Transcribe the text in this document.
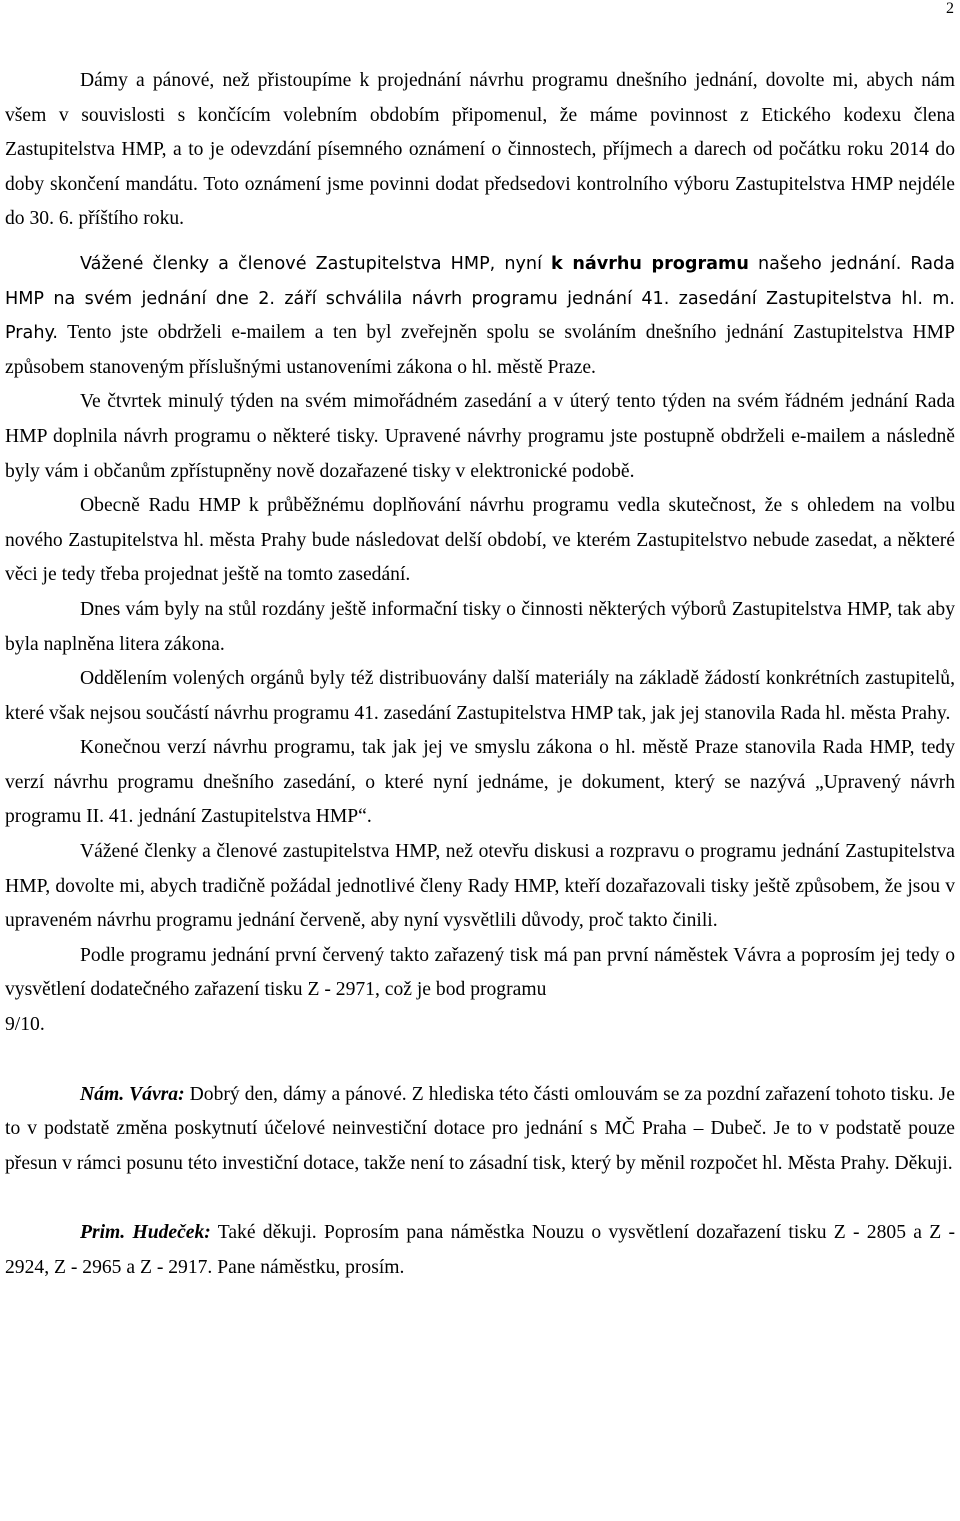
2

Dámy a pánové, než přistoupíme k projednání návrhu programu dnešního jednání, dovolte mi, abych nám všem v souvislosti s končícím volebním obdobím připomenul, že máme povinnost z Etického kodexu člena Zastupitelstva HMP, a to je odevzdání písemného oznámení o činnostech, příjmech a darech od počátku roku 2014 do doby skončení mandátu. Toto oznámení jsme povinni dodat předsedovi kontrolního výboru Zastupitelstva HMP nejdéle do 30. 6. příštího roku.

Vážené členky a členové Zastupitelstva HMP, nyní k návrhu programu našeho jednání. Rada HMP na svém jednání dne 2. září schválila návrh programu jednání 41. zasedání Zastupitelstva hl. m. Prahy. Tento jste obdrželi e-mailem a ten byl zveřejněn spolu se svoláním dnešního jednání Zastupitelstva HMP způsobem stanoveným příslušnými ustanoveními zákona o hl. městě Praze.

Ve čtvrtek minulý týden na svém mimořádném zasedání a v úterý tento týden na svém řádném jednání Rada HMP doplnila návrh programu o některé tisky. Upravené návrhy programu jste postupně obdrželi e-mailem a následně byly vám i občanům zpřístupněny nově dozařazené tisky v elektronické podobě.

Obecně Radu HMP k průběžnému doplňování návrhu programu vedla skutečnost, že s ohledem na volbu nového Zastupitelstva hl. města Prahy bude následovat delší období, ve kterém Zastupitelstvo nebude zasedat, a některé věci je tedy třeba projednat ještě na tomto zasedání.

Dnes vám byly na stůl rozdány ještě informační tisky o činnosti některých výborů Zastupitelstva HMP, tak aby byla naplněna litera zákona.

Oddělením volených orgánů byly též distribuovány další materiály na základě žádostí konkrétních zastupitelů, které však nejsou součástí návrhu programu 41. zasedání Zastupitelstva HMP tak, jak jej stanovila Rada hl. města Prahy.

Konečnou verzí návrhu programu, tak jak jej ve smyslu zákona o hl. městě Praze stanovila Rada HMP, tedy verzí návrhu programu dnešního zasedání, o které nyní jednáme, je dokument, který se nazývá „Upravený návrh programu II. 41. jednání Zastupitelstva HMP“.

Vážené členky a členové zastupitelstva HMP, než otevřu diskusi a rozpravu o programu jednání Zastupitelstva HMP, dovolte mi, abych tradičně požádal jednotlivé členy Rady HMP, kteří dozařazovali tisky ještě způsobem, že jsou v upraveném návrhu programu jednání červeně, aby nyní vysvětlili důvody, proč takto činili.

Podle programu jednání první červený takto zařazený tisk má pan první náměstek Vávra a poprosím jej tedy o vysvětlení dodatečného zařazení tisku Z - 2971, což je bod programu

9/10.

Nám. Vávra: Dobrý den, dámy a pánové. Z hlediska této části omlouvám se za pozdní zařazení tohoto tisku. Je to v podstatě změna poskytnutí účelové neinvestiční dotace pro jednání s MČ Praha – Dubeč. Je to v podstatě pouze přesun v rámci posunu této investiční dotace, takže není to zásadní tisk, který by měnil rozpočet hl. Města Prahy. Děkuji.

Prim. Hudeček: Také děkuji. Poprosím pana náměstka Nouzu o vysvětlení dozařazení tisku Z - 2805 a Z - 2924, Z - 2965 a Z - 2917. Pane náměstku, prosím.
